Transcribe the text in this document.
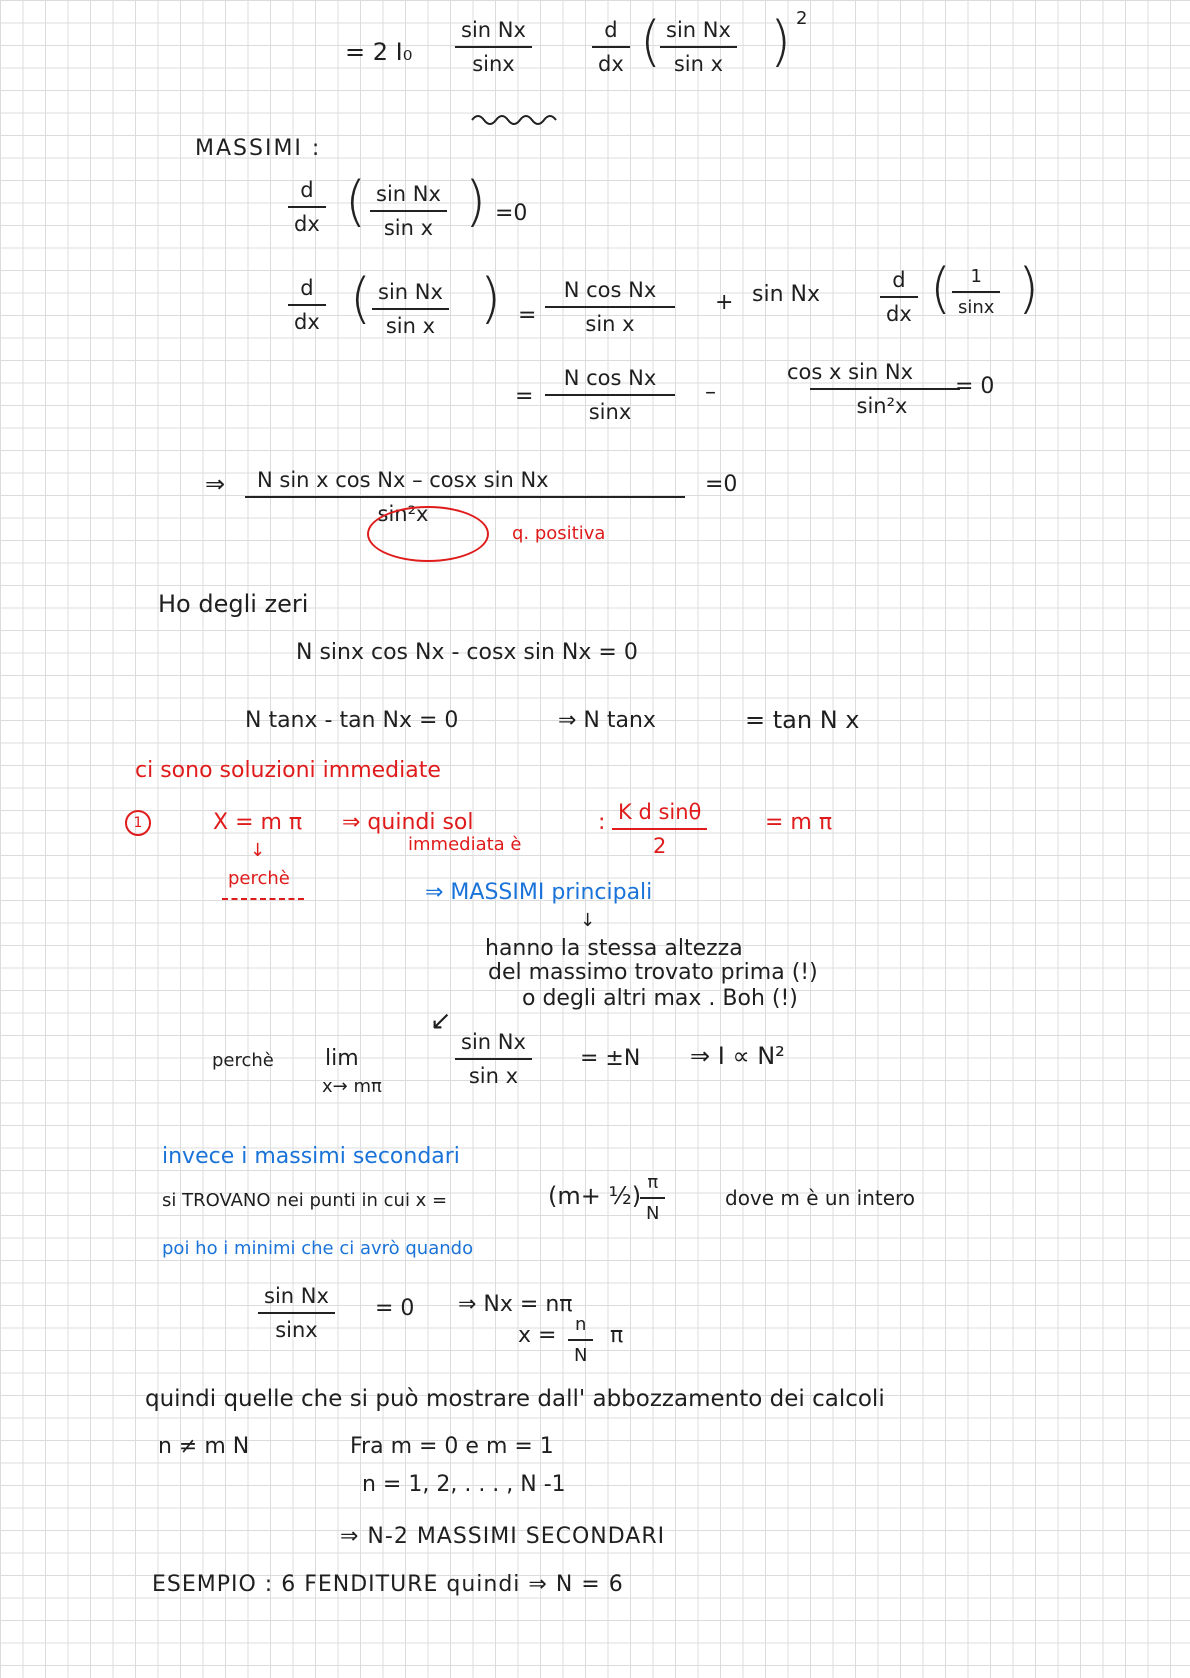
= 2 I₀
sin Nx
sinx
d
dx ( sin Nx
sin x ) 2
MASSIMI :
d
dx ( sin Nx
sin x ) =0
d
dx ( sin Nx
sin x ) =
N cos Nx
sin x
+ sin Nx
d
dx (	1
sinx )
=
N cos Nx
sinx
–
cos x sin Nx
sin²x
= 0
⇒	N sin x cos Nx – cosx sin Nx
sin²x
=0
q. positiva
Ho degli zeri
N sinx cos Nx - cosx sin Nx = 0
N tanx - tan Nx = 0	⇒ N tanx	= tan N x
ci sono soluzioni immediate
1	X = m π
↓
perchè
⇒ quindi sol
immediata è
: K d sinθ
2
= m π
⇒ MASSIMI principali
↓
hanno la stessa altezza
del massimo trovato prima (!)
o degli altri max . Boh (!)
↙
perchè lim
x→ mπ
sin Nx
sin x
= ±N ⇒ I ∝ N²
invece i massimi secondari
si TROVANO nei punti in cui x =	(m+ ½) π
N
dove m è un intero
poi ho i minimi che ci avrò quando
sin Nx
sinx
= 0 ⇒ Nx = nπ
x =	n
N
π
quindi quelle che si può mostrare dall' abbozzamento dei calcoli
n ≠ m N	Fra m = 0 e m = 1
n = 1, 2, . . . , N -1
⇒ N-2 MASSIMI SECONDARI
ESEMPIO : 6 FENDITURE quindi ⇒ N = 6
